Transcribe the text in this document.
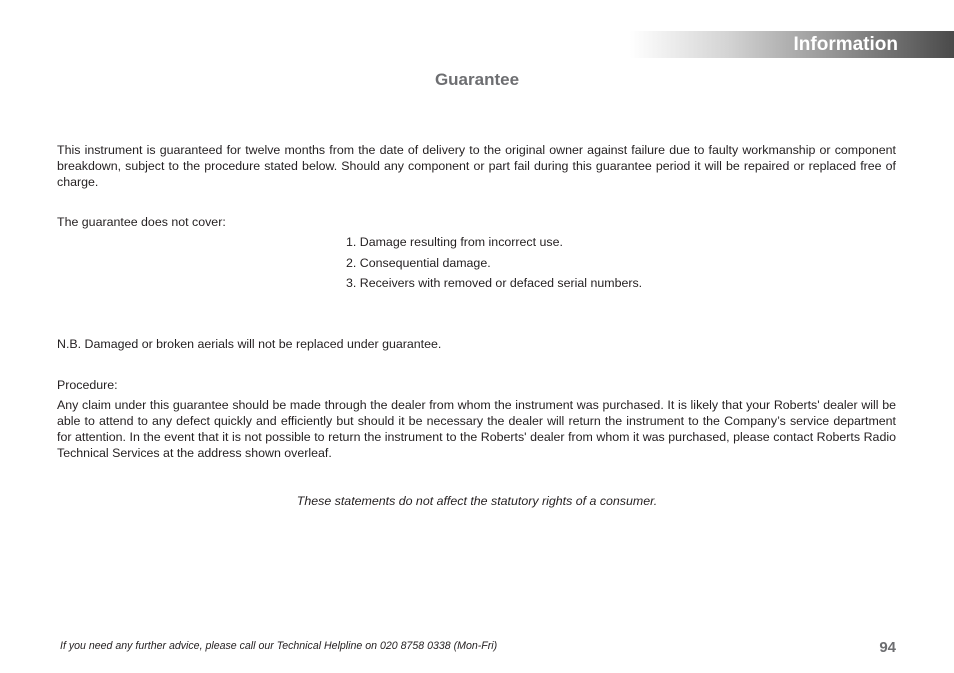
Information
Guarantee
This instrument is guaranteed for twelve months from the date of delivery to the original owner against failure due to faulty workmanship or component breakdown, subject to the procedure stated below. Should any component or part fail during this guarantee period it will be repaired or replaced free of charge.
The guarantee does not cover:
1. Damage resulting from incorrect use.
2. Consequential damage.
3. Receivers with removed or defaced serial numbers.
N.B. Damaged or broken aerials will not be replaced under guarantee.
Procedure:
Any claim under this guarantee should be made through the dealer from whom the instrument was purchased. It is likely that your Roberts' dealer will be able to attend to any defect quickly and efficiently but should it be necessary the dealer will return the instrument to the Company’s service department for attention. In the event that it is not possible to return the instrument to the Roberts' dealer from whom it was purchased, please contact Roberts Radio Technical Services at the address shown overleaf.
These statements do not affect the statutory rights of a consumer.
If you need any further advice, please call our Technical Helpline on 020 8758 0338 (Mon-Fri)	94
